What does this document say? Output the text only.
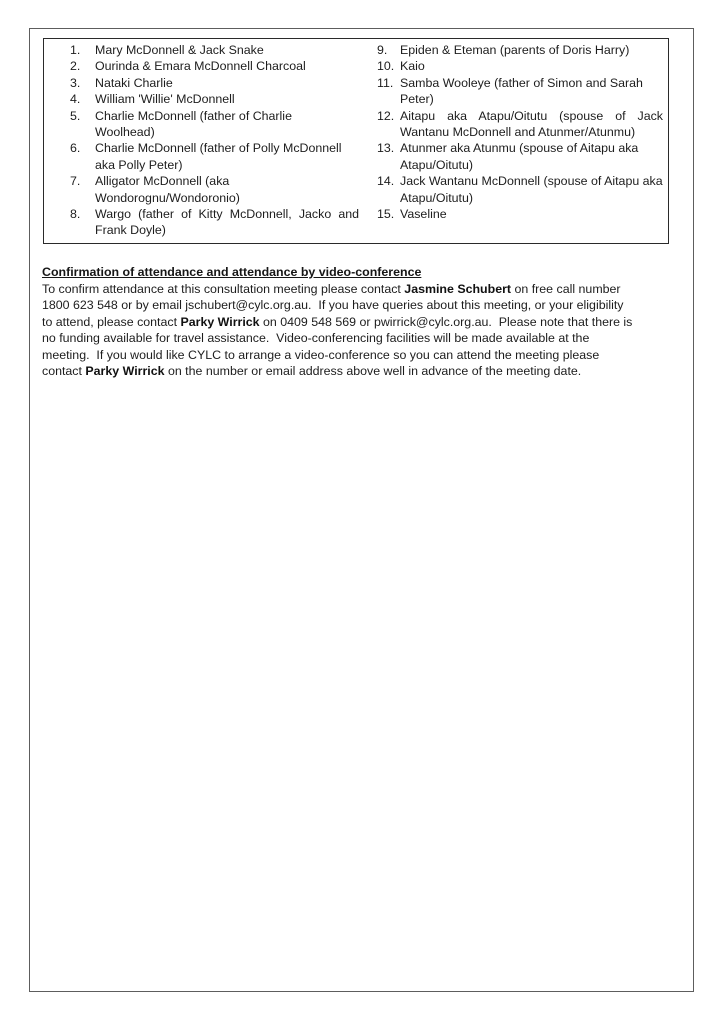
1. Mary McDonnell & Jack Snake
2. Ourinda & Emara McDonnell Charcoal
3. Nataki Charlie
4. William 'Willie' McDonnell
5. Charlie McDonnell (father of Charlie
Woolhead)
6. Charlie McDonnell (father of Polly McDonnell
aka Polly Peter)
7. Alligator McDonnell (aka
Wondorognu/Wondoronio)
8. Wargo (father of Kitty McDonnell, Jacko and
Frank Doyle)
9. Epiden & Eteman (parents of Doris Harry)
10. Kaio
11. Samba Wooleye (father of Simon and Sarah
Peter)
12. Aitapu aka Atapu/Oitutu (spouse of Jack
Wantanu McDonnell and Atunmer/Atunmu)
13. Atunmer aka Atunmu (spouse of Aitapu aka
Atapu/Oitutu)
14. Jack Wantanu McDonnell (spouse of Aitapu aka
Atapu/Oitutu)
15. Vaseline
Confirmation of attendance and attendance by video-conference
To confirm attendance at this consultation meeting please contact Jasmine Schubert on free call number
1800 623 548 or by email jschubert@cylc.org.au.  If you have queries about this meeting, or your eligibility
to attend, please contact Parky Wirrick on 0409 548 569 or pwirrick@cylc.org.au.  Please note that there is
no funding available for travel assistance.  Video-conferencing facilities will be made available at the
meeting.  If you would like CYLC to arrange a video-conference so you can attend the meeting please
contact Parky Wirrick on the number or email address above well in advance of the meeting date.
